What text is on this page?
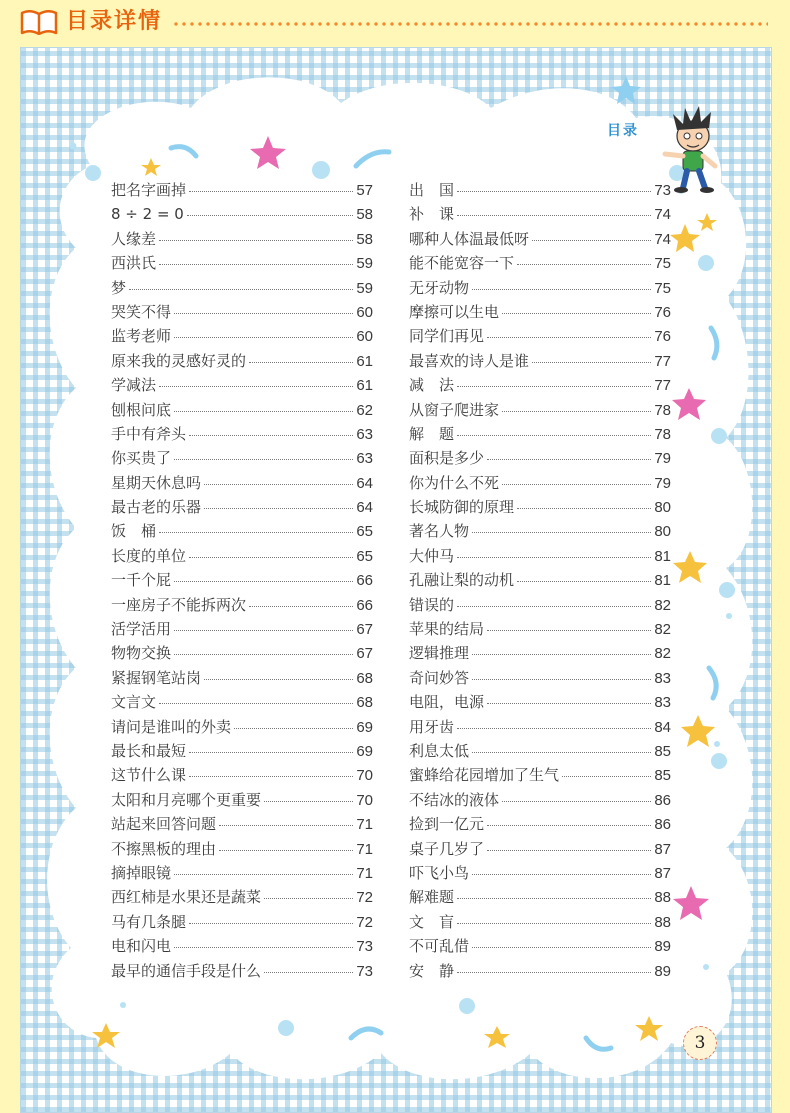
目录详情
目录
把名字画掉	57
8 ÷ 2 = 0	58
人缘差	58
西洪氏	59
梦	59
哭笑不得	60
监考老师	60
原来我的灵感好灵的	61
学减法	61
刨根问底	62
手中有斧头	63
你买贵了	63
星期天休息吗	64
最古老的乐器	64
饭　桶	65
长度的单位	65
一千个屁	66
一座房子不能拆两次	66
活学活用	67
物物交换	67
紧握钢笔站岗	68
文言文	68
请问是谁叫的外卖	69
最长和最短	69
这节什么课	70
太阳和月亮哪个更重要	70
站起来回答问题	71
不擦黑板的理由	71
摘掉眼镜	71
西红柿是水果还是蔬菜	72
马有几条腿	72
电和闪电	73
最早的通信手段是什么	73
出　国	73
补　课	74
哪种人体温最低呀	74
能不能宽容一下	75
无牙动物	75
摩擦可以生电	76
同学们再见	76
最喜欢的诗人是谁	77
减　法	77
从窗子爬进家	78
解　题	78
面积是多少	79
你为什么不死	79
长城防御的原理	80
著名人物	80
大仲马	81
孔融让梨的动机	81
错误的	82
苹果的结局	82
逻辑推理	82
奇问妙答	83
电阻，电源	83
用牙齿	84
利息太低	85
蜜蜂给花园增加了生气	85
不结冰的液体	86
捡到一亿元	86
桌子几岁了	87
吓飞小鸟	87
解难题	88
文　盲	88
不可乱借	89
安　静	89
3
